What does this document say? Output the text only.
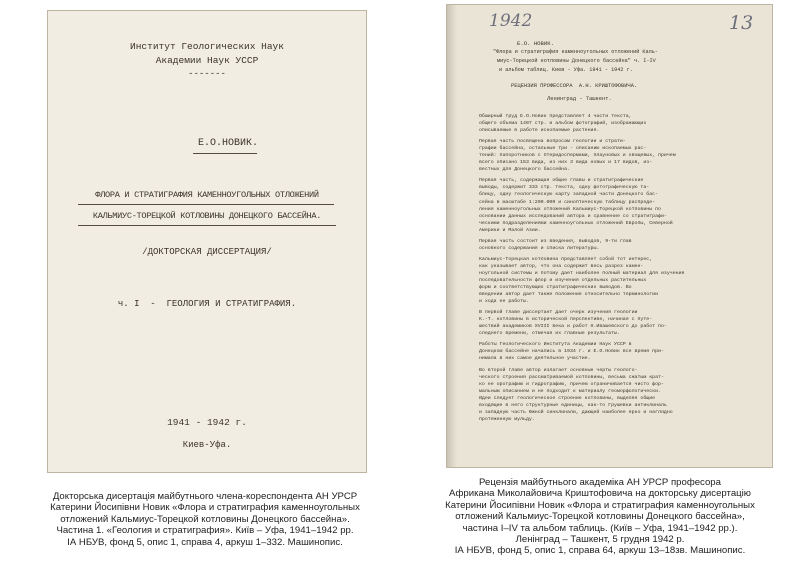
Институт Геологических Наук
Академии Наук УССР
-------
Е.О.НОВИК.
ФЛОРА И СТРАТИГРАФИЯ КАМЕННОУГОЛЬНЫХ ОТЛОЖЕНИЙ
КАЛЬМИУС-ТОРЕЦКОЙ КОТЛОВИНЫ ДОНЕЦКОГО БАССЕЙНА.
/ДОКТОРСКАЯ ДИССЕРТАЦИЯ/
ч. I  -  ГЕОЛОГИЯ И СТРАТИГРАФИЯ.
1941 - 1942 г.
Киев-Уфа.
1942	13
Е.О. НОВИК.
"Флора и стратиграфия каменноугольных отложений Каль-
миус-Торецкой котловины Донецкого бассейна" ч. I-IV
и альбом таблиц. Киев - Уфа. 1941 - 1942 г.
РЕЦЕНЗИЯ ПРОФЕССОРА  А.Н. КРИШТОФОВИЧА.
Ленинград - Ташкент.
Обширный труд Е.О.Новик представляет 4 части текста,
общего объема 1407 стр. и альбом фотографий, изображающих
описываемые в работе ископаемые растения.

Первая часть посвящена вопросам геологии и страти-
графии бассейна, остальные три - описанию ископаемых рас-
тений: папоротников с птеридоспермами, плауновых и хвощевых, причем
всего описано 153 вида, из них 3 вида новых и 17 видов, из-
вестных для Донецкого бассейна.

Первая часть, содержащая общие главы и стратиграфические
выводы, содержит 333 стр. текста, одну фотографическую та-
блицу, одну геологическую карту западной части Донецкого бас-
сейна в масштабе 1:200.000 и синоптическую таблицу распреде-
ления каменноугольных отложений Кальмиус-Торецкой котловины по
основании данных исследований автора и сравнение со стратиграфи-
ческими подразделениями каменноугольных отложений Европы, Северной
Америки и Малой Азии.

Первая часть состоит из введения, выводов, 9-ти глав
основного содержания и списка литературы.

Кальмиус-Торецкая котловина представляет собой тот интерес,
как указывает автор, что она содержит весь разрез камен-
ноугольной системы и потому дает наиболее полный материал для изучения
последовательности флор и изучения отдельных растительных
форм и соответствующих стратиграфических выводов. Во
введении автор дает также положения относительно терминологии
и хода ее работы.

В первой главе диссертант дает очерк изучения геологии
К.-Т. котловины в исторической перспективе, начиная с путе-
шествий академиков XVIII века и работ Н.Ивашевского до работ по-
следнего времени, отмечая их главные результаты.

Работы Геологического Института Академии Наук УССР в
Донецком бассейне начались в 1934 г. и Е.О.Новик все время при-
нимала в них самое деятельное участие.

Во второй главе автор излагает основные черты геолого-
ческого строения рассматриваемой котловины, весьма сжатым крат-
ко ее орографию и гидрографию, причем ограничивается чисто фор-
мальным описанием и не подходит к материалу геоморфологически.
Идеи следует геологическое строение котловины, выделяя общие
входящие в него структурные единицы, как-то Грушевки антиклиналь
и западную часть Южной синклинали, дающей наиболее ярко и наглядно
протяженную мульду.
Докторська дисертація майбутнього члена-кореспондента АН УРСР
Катерини Йосипівни Новик «Флора и стратиграфия каменноугольных
отложений Кальмиус-Торецкой котловины Донецкого бассейна».
Частина 1. «Геология и стратиграфия». Київ – Уфа, 1941–1942 рр.
ІА НБУВ, фонд 5, опис 1, справа 4, аркуш 1–332. Машинопис.
Рецензія майбутнього академіка АН УРСР професора
Африкана Миколайовича Криштофовича на докторську дисертацію
Катерини Йосипівни Новик «Флора и стратиграфия каменноугольных
отложений Кальмиус-Торецкой котловины Донецкого бассейна»,
частина I–IV та альбом таблиць. (Київ – Уфа, 1941–1942 рр.).
Ленінград – Ташкент, 5 грудня 1942 р.
ІА НБУВ, фонд 5, опис 1, справа 64, аркуш 13–18зв. Машинопис.
